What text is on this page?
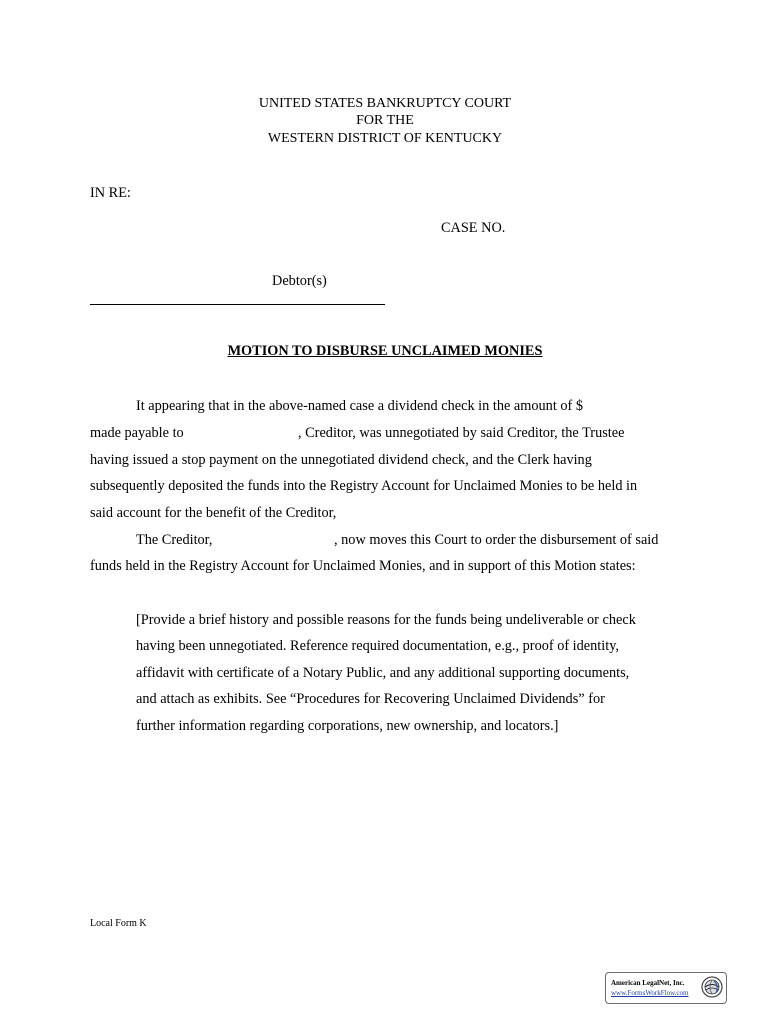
UNITED STATES BANKRUPTCY COURT
FOR THE
WESTERN DISTRICT OF KENTUCKY
IN RE:
CASE NO.
Debtor(s)
MOTION TO DISBURSE UNCLAIMED MONIES
It appearing that in the above-named case a dividend check in the amount of $
made payable to	, Creditor, was unnegotiated by said Creditor, the Trustee
having issued a stop payment on the unnegotiated dividend check, and the Clerk having
subsequently deposited the funds into the Registry Account for Unclaimed Monies to be held in
said account for the benefit of the Creditor,
The Creditor,	, now moves this Court to order the disbursement of said
funds held in the Registry Account for Unclaimed Monies, and in support of this Motion states:
[Provide a brief history and possible reasons for the funds being undeliverable or check
having been unnegotiated. Reference required documentation, e.g., proof of identity,
affidavit with certificate of a Notary Public, and any additional supporting documents,
and attach as exhibits. See “Procedures for Recovering Unclaimed Dividends” for
further information regarding corporations, new ownership, and locators.]
Local Form K
American LegalNet, Inc.
www.FormsWorkFlow.com
